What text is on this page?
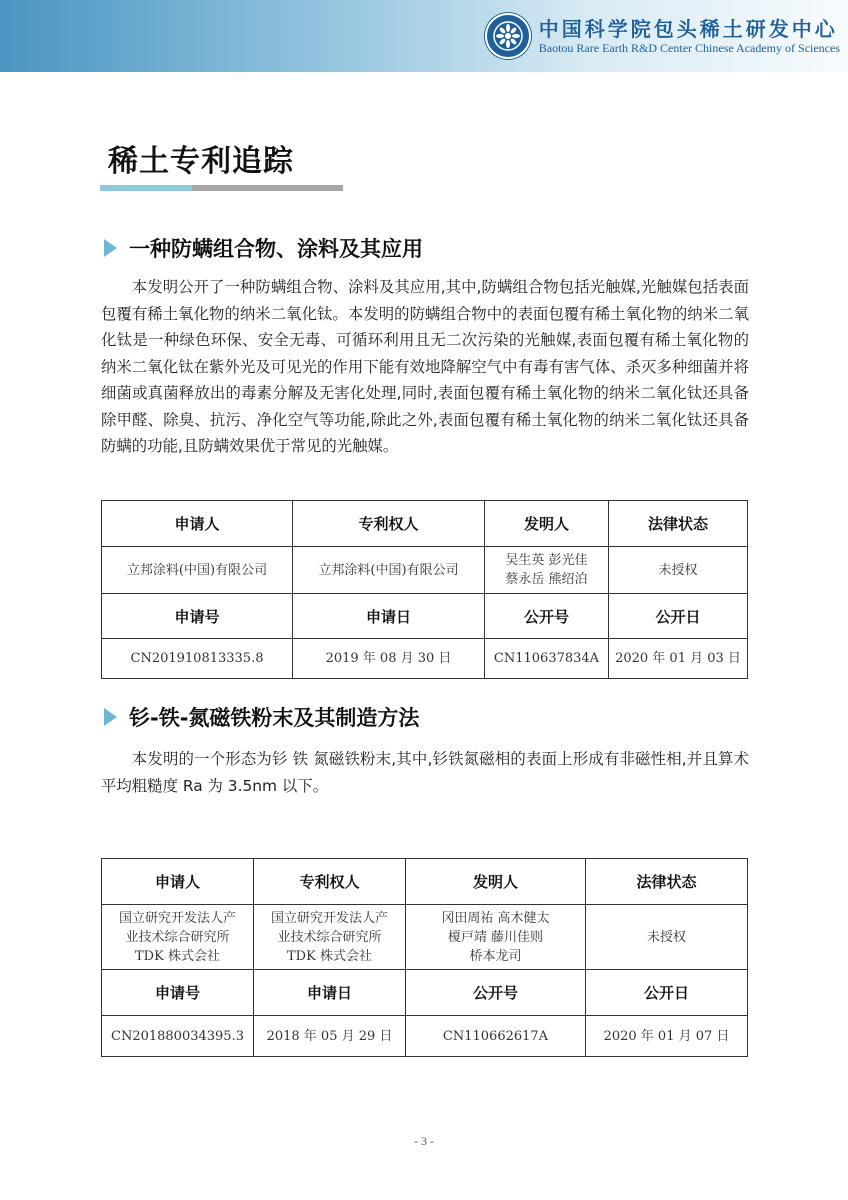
中国科学院包头稀土研发中心
Baotou Rare Earth R&D Center Chinese Academy of Sciences
稀土专利追踪
一种防螨组合物、涂料及其应用

本发明公开了一种防螨组合物、涂料及其应用,其中,防螨组合物包括光触媒,光触媒包括表面包覆有稀土氧化物的纳米二氧化钛。本发明的防螨组合物中的表面包覆有稀土氧化物的纳米二氧化钛是一种绿色环保、安全无毒、可循环利用且无二次污染的光触媒,表面包覆有稀土氧化物的纳米二氧化钛在紫外光及可见光的作用下能有效地降解空气中有毒有害气体、杀灭多种细菌并将细菌或真菌释放出的毒素分解及无害化处理,同时,表面包覆有稀土氧化物的纳米二氧化钛还具备除甲醛、除臭、抗污、净化空气等功能,除此之外,表面包覆有稀土氧化物的纳米二氧化钛还具备防螨的功能,且防螨效果优于常见的光触媒。

申请人	专利权人	发明人	法律状态
立邦涂料(中国)有限公司	立邦涂料(中国)有限公司	吴生英 彭光佳
蔡永岳 熊绍泊	未授权
申请号	申请日	公开号	公开日
CN201910813335.8	2019 年 08 月 30 日	CN110637834A	2020 年 01 月 03 日
钐-铁-氮磁铁粉末及其制造方法

本发明的一个形态为钐 铁 氮磁铁粉末,其中,钐铁氮磁相的表面上形成有非磁性相,并且算术平均粗糙度 Ra 为 3.5nm 以下。

申请人	专利权人	发明人	法律状态
国立研究开发法人产
业技术综合研究所
TDK 株式会社	国立研究开发法人产
业技术综合研究所
TDK 株式会社	冈田周祐 高木健太
榎戸靖 藤川佳则
桥本龙司	未授权
申请号	申请日	公开号	公开日
CN201880034395.3	2018 年 05 月 29 日	CN110662617A	2020 年 01 月 07 日
- 3 -
